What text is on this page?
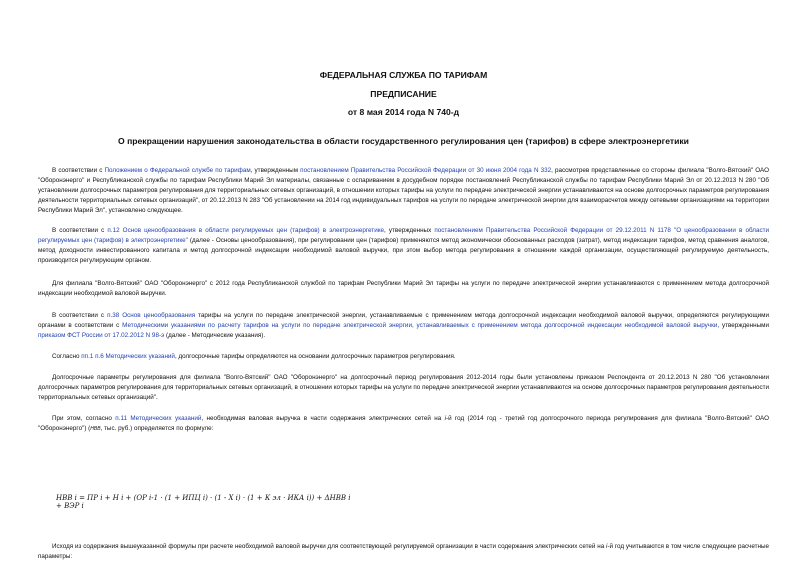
ФЕДЕРАЛЬНАЯ СЛУЖБА ПО ТАРИФАМ
ПРЕДПИСАНИЕ
от 8 мая 2014 года N 740-д
О прекращении нарушения законодательства в области государственного регулирования цен (тарифов) в сфере электроэнергетики

В соответствии с Положением о Федеральной службе по тарифам, утвержденным постановлением Правительства Российской Федерации от 30 июня 2004 года N 332, рассмотрев представленные со стороны филиала "Волго-Вятский" ОАО "Оборонэнерго" и Республиканской службы по тарифам Республики Марий Эл материалы, связанные с оспариванием в досудебном порядке постановлений Республиканской службы по тарифам Республики Марий Эл от 20.12.2013 N 280 "Об установлении долгосрочных параметров регулирования для территориальных сетевых организаций, в отношении которых тарифы на услуги по передаче электрической энергии устанавливаются на основе долгосрочных параметров регулирования деятельности территориальных сетевых организаций", от 20.12.2013 N 283 "Об установлении на 2014 год индивидуальных тарифов на услуги по передаче электрической энергии для взаиморасчетов между сетевыми организациями на территории Республики Марий Эл", установлено следующее.

В соответствии с п.12 Основ ценообразования в области регулируемых цен (тарифов) в электроэнергетике, утвержденных постановлением Правительства Российской Федерации от 29.12.2011 N 1178 "О ценообразовании в области регулируемых цен (тарифов) в электроэнергетике" (далее - Основы ценообразования), при регулировании цен (тарифов) применяются метод экономически обоснованных расходов (затрат), метод индексации тарифов, метод сравнения аналогов, метод доходности инвестированного капитала и метод долгосрочной индексации необходимой валовой выручки, при этом выбор метода регулирования в отношении каждой организации, осуществляющей регулируемую деятельность, производится регулирующим органом.

Для филиала "Волго-Вятский" ОАО "Оборонэнерго" с 2012 года Республиканской службой по тарифам Республики Марий Эл тарифы на услуги по передаче электрической энергии устанавливаются с применением метода долгосрочной индексации необходимой валовой выручки.

В соответствии с п.38 Основ ценообразования тарифы на услуги по передаче электрической энергии, устанавливаемые с применением метода долгосрочной индексации необходимой валовой выручки, определяются регулирующими органами в соответствии с Методическими указаниями по расчету тарифов на услуги по передаче электрической энергии, устанавливаемых с применением метода долгосрочной индексации необходимой валовой выручки, утвержденными приказом ФСТ России от 17.02.2012 N 98-э (далее - Методические указания).

Согласно пп.1 п.6 Методических указаний, долгосрочные тарифы определяются на основании долгосрочных параметров регулирования.

Долгосрочные параметры регулирования для филиала "Волго-Вятский" ОАО "Оборонэнерго" на долгосрочный период регулирования 2012-2014 годы были установлены приказом Респондента от 20.12.2013 N 280 "Об установлении долгосрочных параметров регулирования для территориальных сетевых организаций, в отношении которых тарифы на услуги по передаче электрической энергии устанавливаются на основе долгосрочных параметров регулирования деятельности территориальных сетевых организаций".

При этом, согласно п.11 Методических указаний, необходимая валовая выручка в части содержания электрических сетей на i-й год (2014 год - третий год долгосрочного периода регулирования для филиала "Волго-Вятский" ОАО "Оборонэнерго") (НВВ, тыс. руб.) определяется по формуле:

НВВ i = ПР i + Н i + (ОР i-1 · (1 + ИПЦ i) · (1 - Х i) · (1 + К эл · ИКА i)) + ΔНВВ i + ВЭР i

Исходя из содержания вышеуказанной формулы при расчете необходимой валовой выручки для соответствующей регулируемой организации в части содержания электрических сетей на i-й год учитываются в том числе следующие расчетные параметры:
